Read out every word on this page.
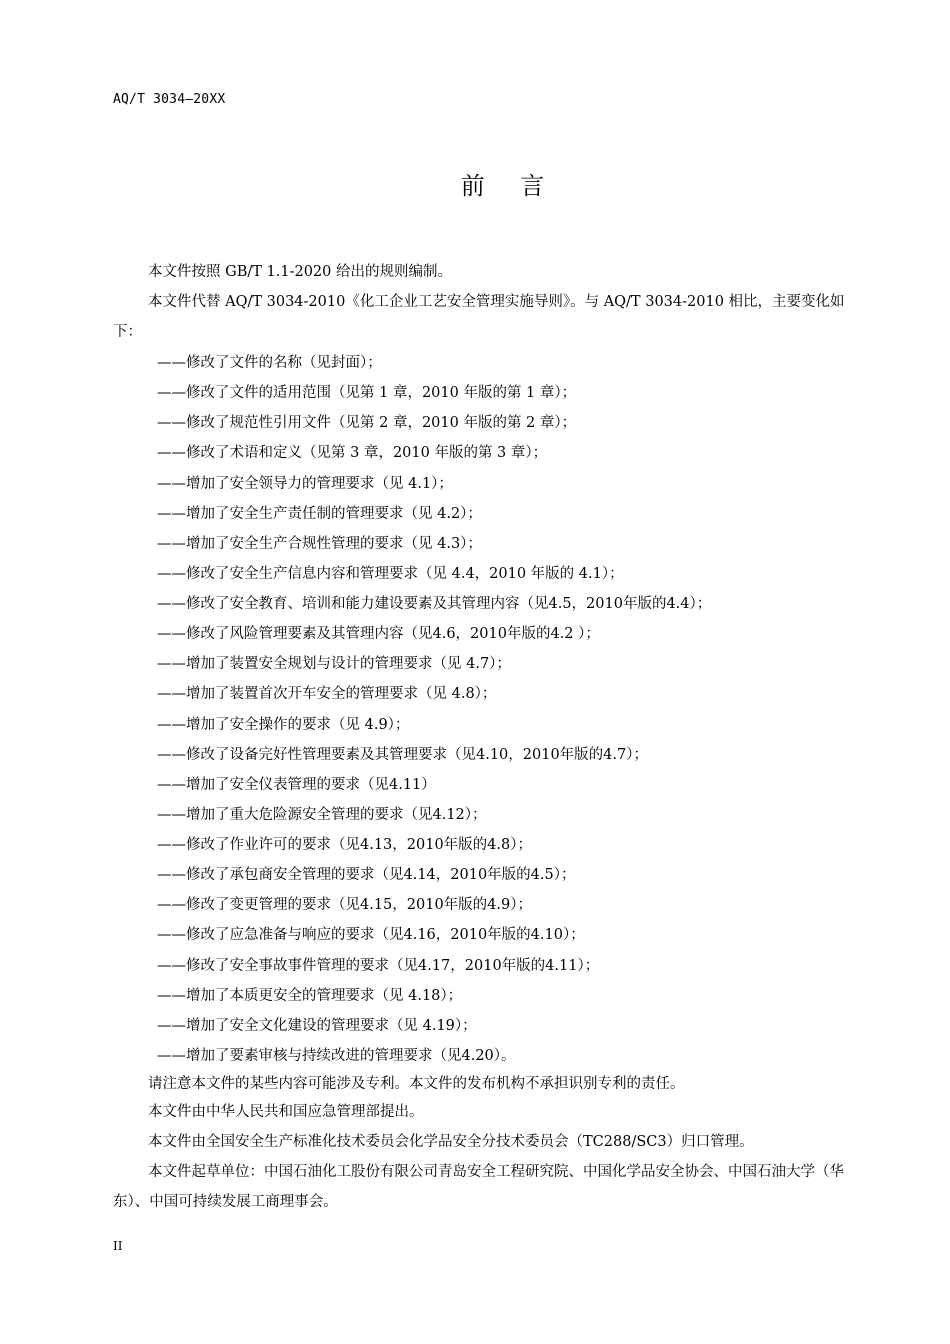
AQ/T 3034—20XX
前    言
本文件按照 GB/T 1.1-2020 给出的规则编制。
本文件代替 AQ/T 3034-2010《化工企业工艺安全管理实施导则》。与 AQ/T 3034-2010 相比，主要变化如下：
——修改了文件的名称（见封面）；
——修改了文件的适用范围（见第 1 章，2010 年版的第 1 章）；
——修改了规范性引用文件（见第 2 章，2010 年版的第 2 章）；
——修改了术语和定义（见第 3 章，2010 年版的第 3 章）；
——增加了安全领导力的管理要求（见 4.1）；
——增加了安全生产责任制的管理要求（见 4.2）；
——增加了安全生产合规性管理的要求（见 4.3）；
——修改了安全生产信息内容和管理要求（见 4.4，2010 年版的 4.1）；
——修改了安全教育、培训和能力建设要素及其管理内容（见4.5，2010年版的4.4）；
——修改了风险管理要素及其管理内容（见4.6，2010年版的4.2 ）；
——增加了装置安全规划与设计的管理要求（见 4.7）；
——增加了装置首次开车安全的管理要求（见 4.8）；
——增加了安全操作的要求（见 4.9）；
——修改了设备完好性管理要素及其管理要求（见4.10，2010年版的4.7）；
——增加了安全仪表管理的要求（见4.11）
——增加了重大危险源安全管理的要求（见4.12）；
——修改了作业许可的要求（见4.13，2010年版的4.8）；
——修改了承包商安全管理的要求（见4.14，2010年版的4.5）；
——修改了变更管理的要求（见4.15，2010年版的4.9）；
——修改了应急准备与响应的要求（见4.16，2010年版的4.10）；
——修改了安全事故事件管理的要求（见4.17，2010年版的4.11）；
——增加了本质更安全的管理要求（见 4.18）；
——增加了安全文化建设的管理要求（见 4.19）；
——增加了要素审核与持续改进的管理要求（见4.20）。
请注意本文件的某些内容可能涉及专利。本文件的发布机构不承担识别专利的责任。
本文件由中华人民共和国应急管理部提出。
本文件由全国安全生产标准化技术委员会化学品安全分技术委员会（TC288/SC3）归口管理。
本文件起草单位：中国石油化工股份有限公司青岛安全工程研究院、中国化学品安全协会、中国石油大学（华东）、中国可持续发展工商理事会。
II
